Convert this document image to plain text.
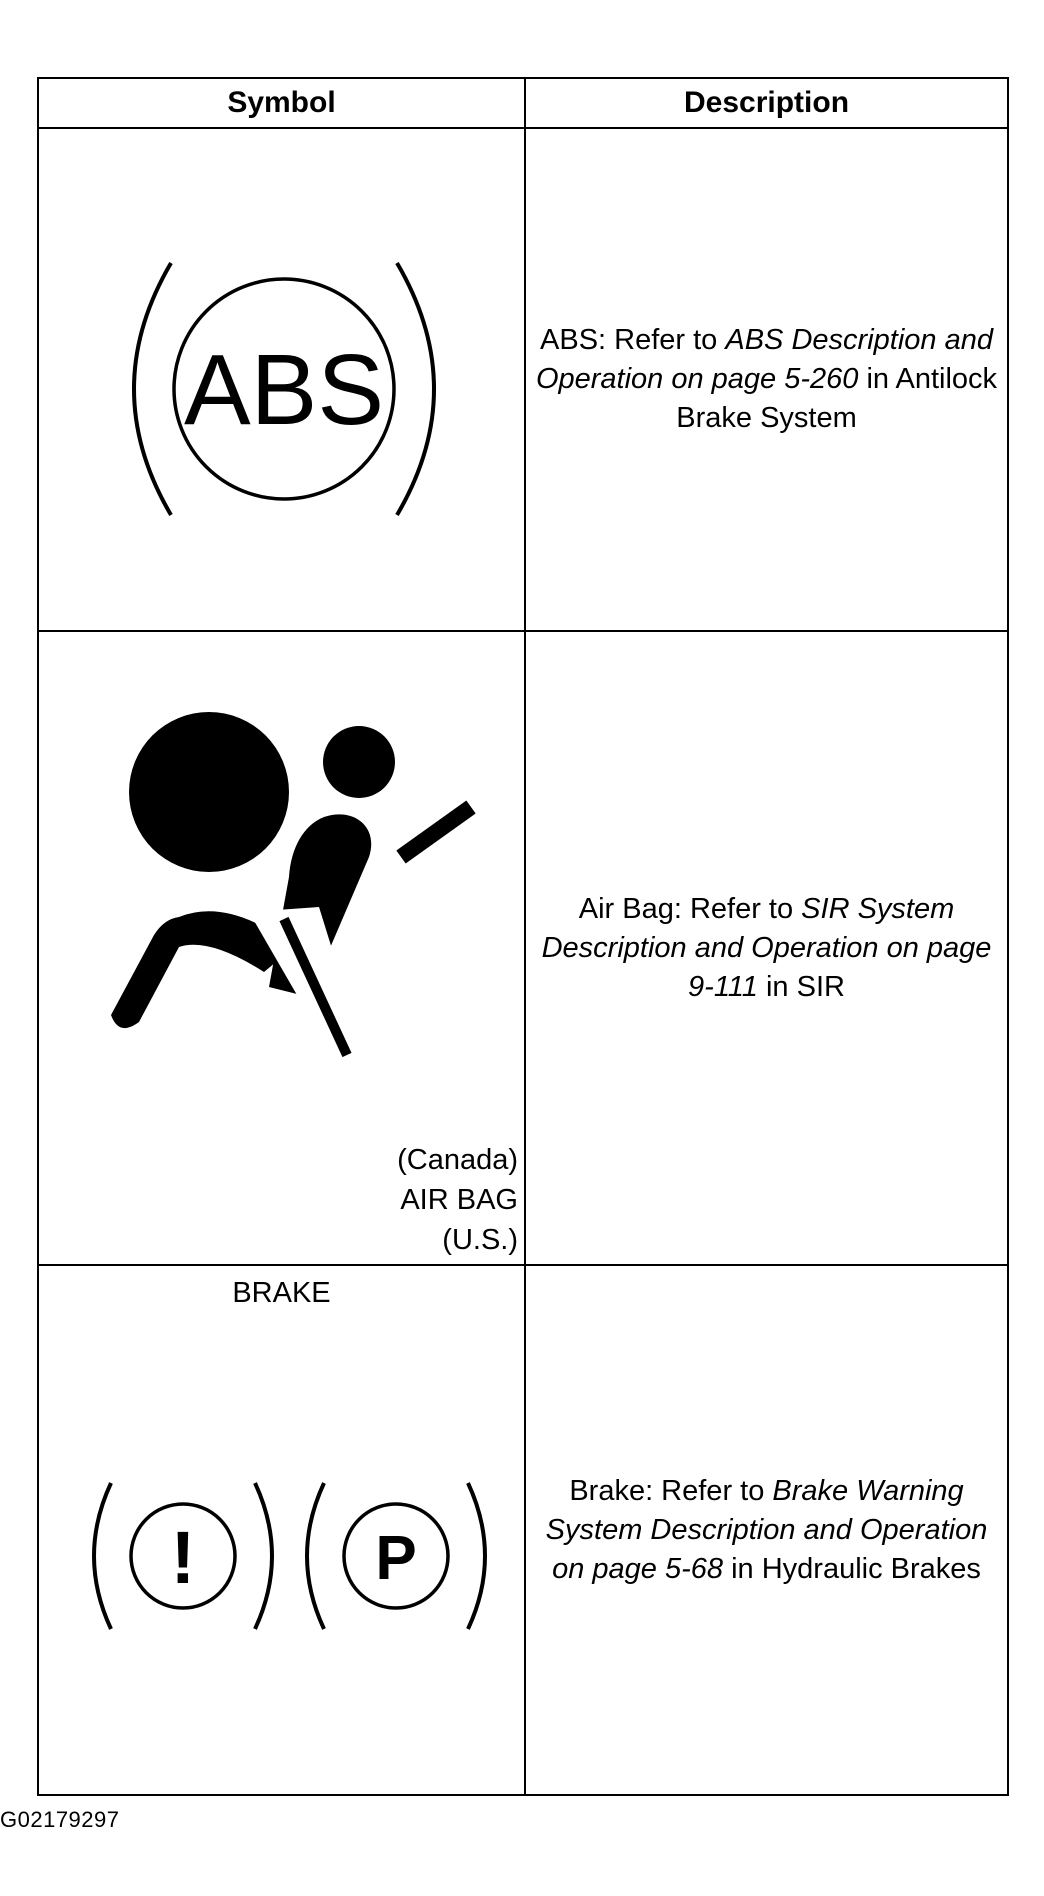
Symbol	Description

ABS	ABS: Refer to ABS Description and Operation on page 5-260 in Antilock Brake System

(Canada)
AIR BAG
(U.S.)	Air Bag: Refer to SIR System Description and Operation on page 9-111 in SIR

BRAKE
! P	Brake: Refer to Brake Warning System Description and Operation on page 5-68 in Hydraulic Brakes
G02179297
